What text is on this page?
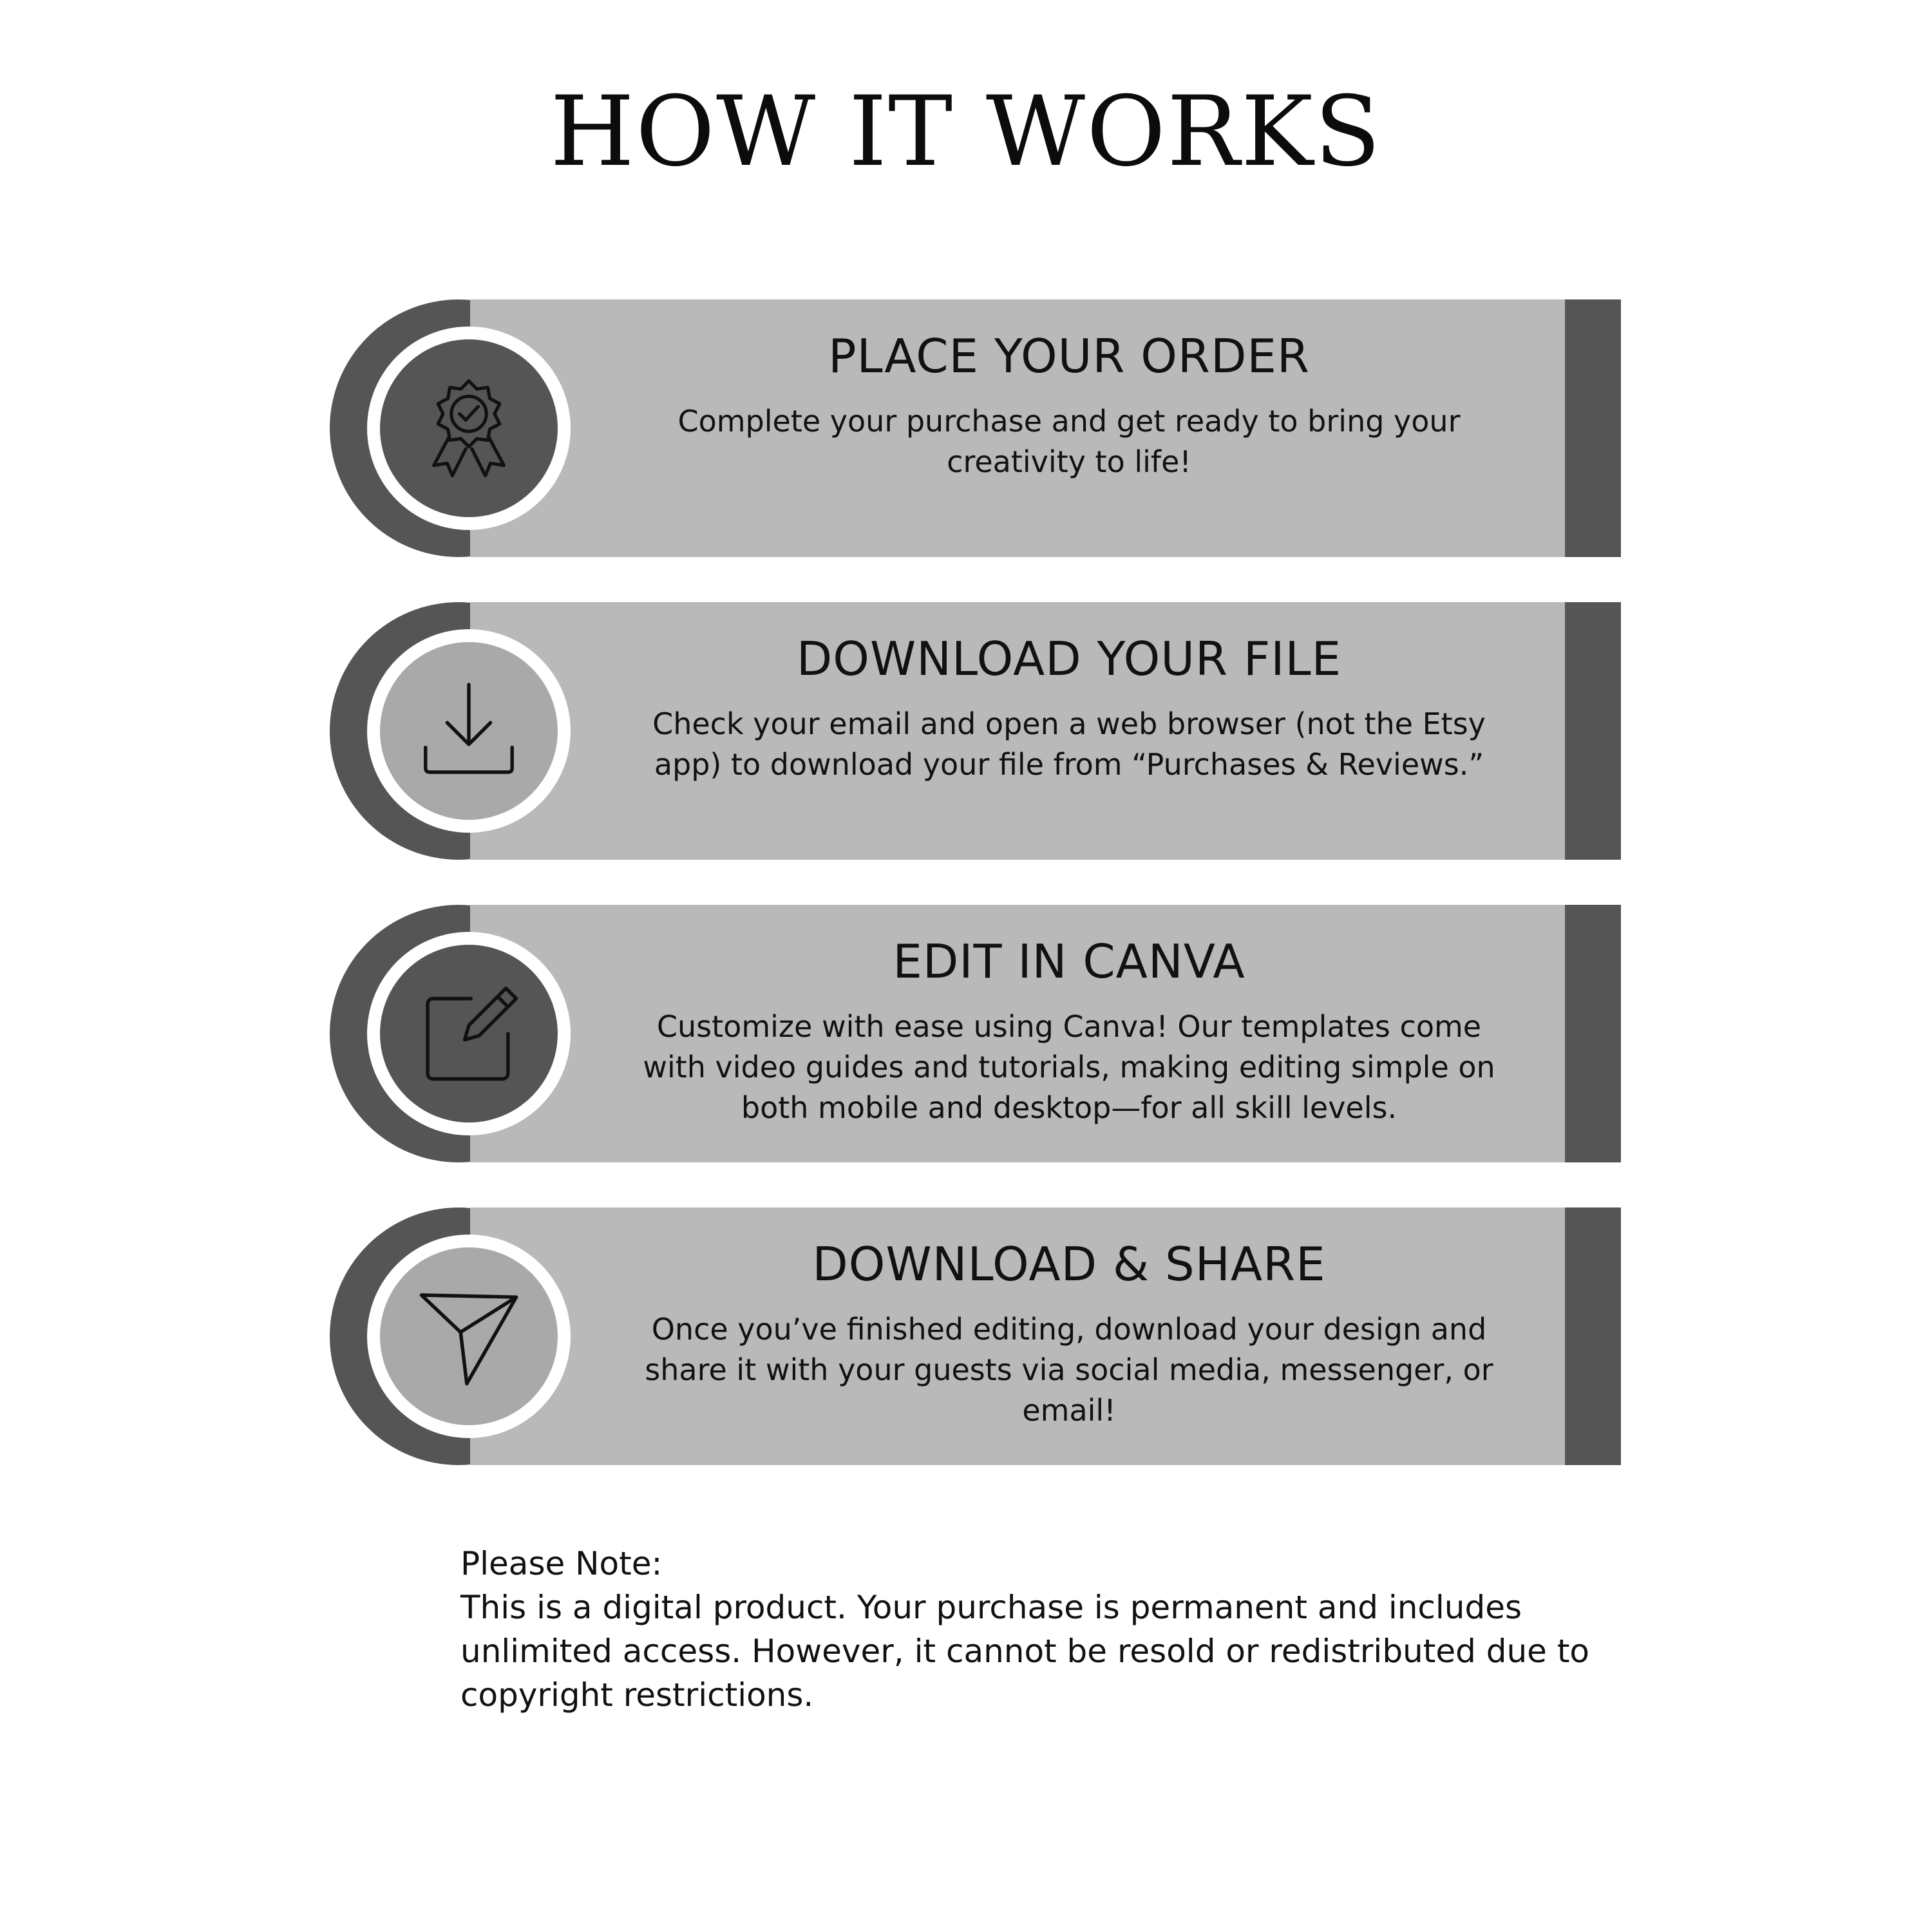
HOW IT WORKS
PLACE YOUR ORDER
Complete your purchase and get ready to bring your creativity to life!
DOWNLOAD YOUR FILE
Check your email and open a web browser (not the Etsy app) to download your file from “Purchases & Reviews.”
EDIT IN CANVA
Customize with ease using Canva! Our templates come with video guides and tutorials, making editing simple on both mobile and desktop—for all skill levels.
DOWNLOAD & SHARE
Once you’ve finished editing, download your design and share it with your guests via social media, messenger, or email!
Please Note:
This is a digital product. Your purchase is permanent and includes unlimited access. However, it cannot be resold or redistributed due to copyright restrictions.
